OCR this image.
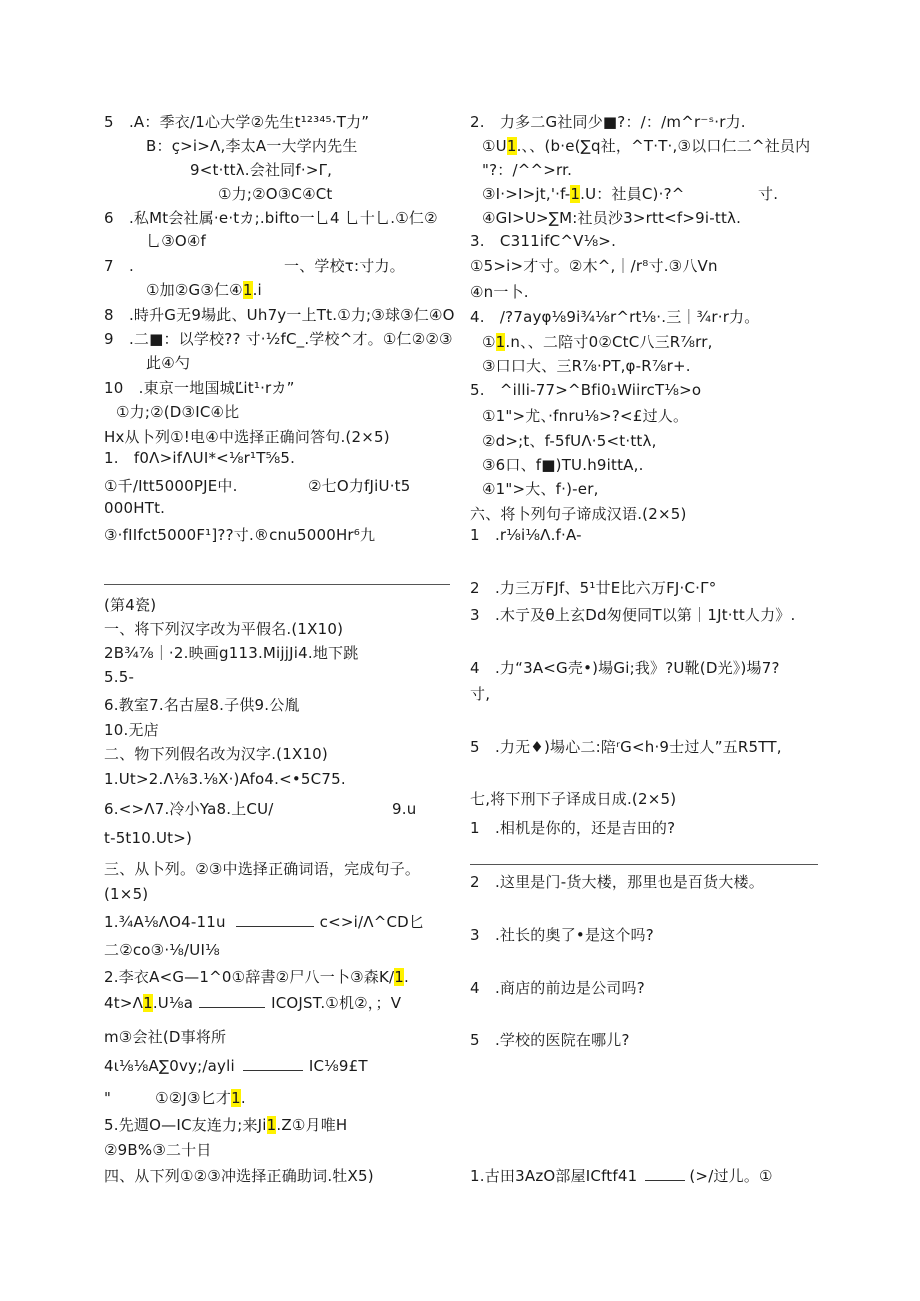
5　.A：季衣/1心大学②先生t¹²³⁴⁵·T力”
B：ç>i>Λ,李太A一大学内先生
9<t·ttλ.会社同f·>Γ,
①力;②O③C④Ct
6　.私Mt会社属·e·tカ;.bifto一乚4 乚十乚.①仁②
乚③O④f
7　.	一、学校τ:寸力。
①加②G③仁④1.i
8　.時升G无9場此、Uh7y一上Tt.①力;③球③仁④O
9　.二■：以学校?? 寸·½fC_.学校^才。①仁②②③
此④勺
10　.東京一地国城Ľit¹·rカ”
①力;②(D③IC④比
Hx从卜列①!电④中选择正确问答句.(2×5)
1.　f0Λ>ifΛUI*<⅛r¹T⅝5.
①千/Itt5000PJE中.	②七O力fJiU·t5
000HTt.
③·fIIfct5000F¹]??寸.®cnu5000Hr⁶九
(第4瓷)
一、将下列汉字改为平假名.(1X10)
2B¾⅞｜·2.映画g113.MijjJi4.地下跳
5.5-
6.教室7.名古屋8.子供9.公胤
10.无店
二、物下列假名改为汉字.(1X10)
1.Ut>2.Λ⅛3.⅛X·)Afo4.<•5C75.
6.<>Λ7.冷小Ya8.上CU/	9.u
t-5t10.Ut>)
三、从卜列。②③中选择正确词语，完成句子。
(1×5)
1.¾A⅛ΛO4-11u	c<>i/Λ^CD匕
二②co③·⅛/UI⅛
2.李衣A<G—1^0①辞書②尸八一卜③森K/1.
4t>Λ1.U⅛a	ICOJST.①机②，；V
m③会社(D事将所
4ι⅛⅛A∑0vy;/ayli	IC⅛9£T
"	①②J③匕才1.
5.先週O—IC友连力;来Ji1.Z①月唯H
②9B%③二十日
四、从下列①②③冲选择正确助词.牡X5)
2.　力多二G社同少■?：/：/m^r⁻ˢ·r力.
①U1.、、(b·e(∑q社，^T·T·,③以口仁二^社员内
"?：/^^>rr.
③I·>I>jt,'·f-1.U：社員C)·?^	寸.
④GI>U>∑M:社员沙3>rtt<f>9i-ttλ.
3.　C311ifC^V⅛>.
①5>i>才寸。②木^,｜/r⁸寸.③八Vn
④n一卜.
4.　/?7ayφ⅛9i¾⅛r^rt⅛·.三｜¾r·r力。
①1.n、、二陪寸0②CtC八三R⅞rr,
③口口大、三R⅞·PT,φ-R⅞r+.
5.　^illi-77>^Bfi0₁WiircT⅛>o
①1">尤、·fnru⅛>?<£过人。
②d>;t、f-5fUΛ·5<t·ttλ,
③6口、f■)TU.h9ittA,.
④1">大、f·)-er,
六、将卜列句子谛成汉语.(2×5)
1　.r⅛i⅛Λ.f·A-
2　.力三万FJf、5¹廿E比六万FJ·C·Γ°
3　.木亍及θ上玄Dd匆便同T以第｜1Jt·tt人力》.
4　.力“3A<G壳•)場Gi;我》?U靴(D光》)場7?
寸,
5　.力无♦)場心二:陪ʳG<h·9士过人”五R5TT,
七,将下刑下子译成日成.(2×5)
1　.相机是你的，还是吉田的?
2　.这里是门-货大楼，那里也是百货大楼。
3　.社长的奥了•是这个吗?
4　.商店的前边是公司吗?
5　.学校的医院在哪儿?
1.古田3AzO部屋ICftf41	(>/过儿。①
